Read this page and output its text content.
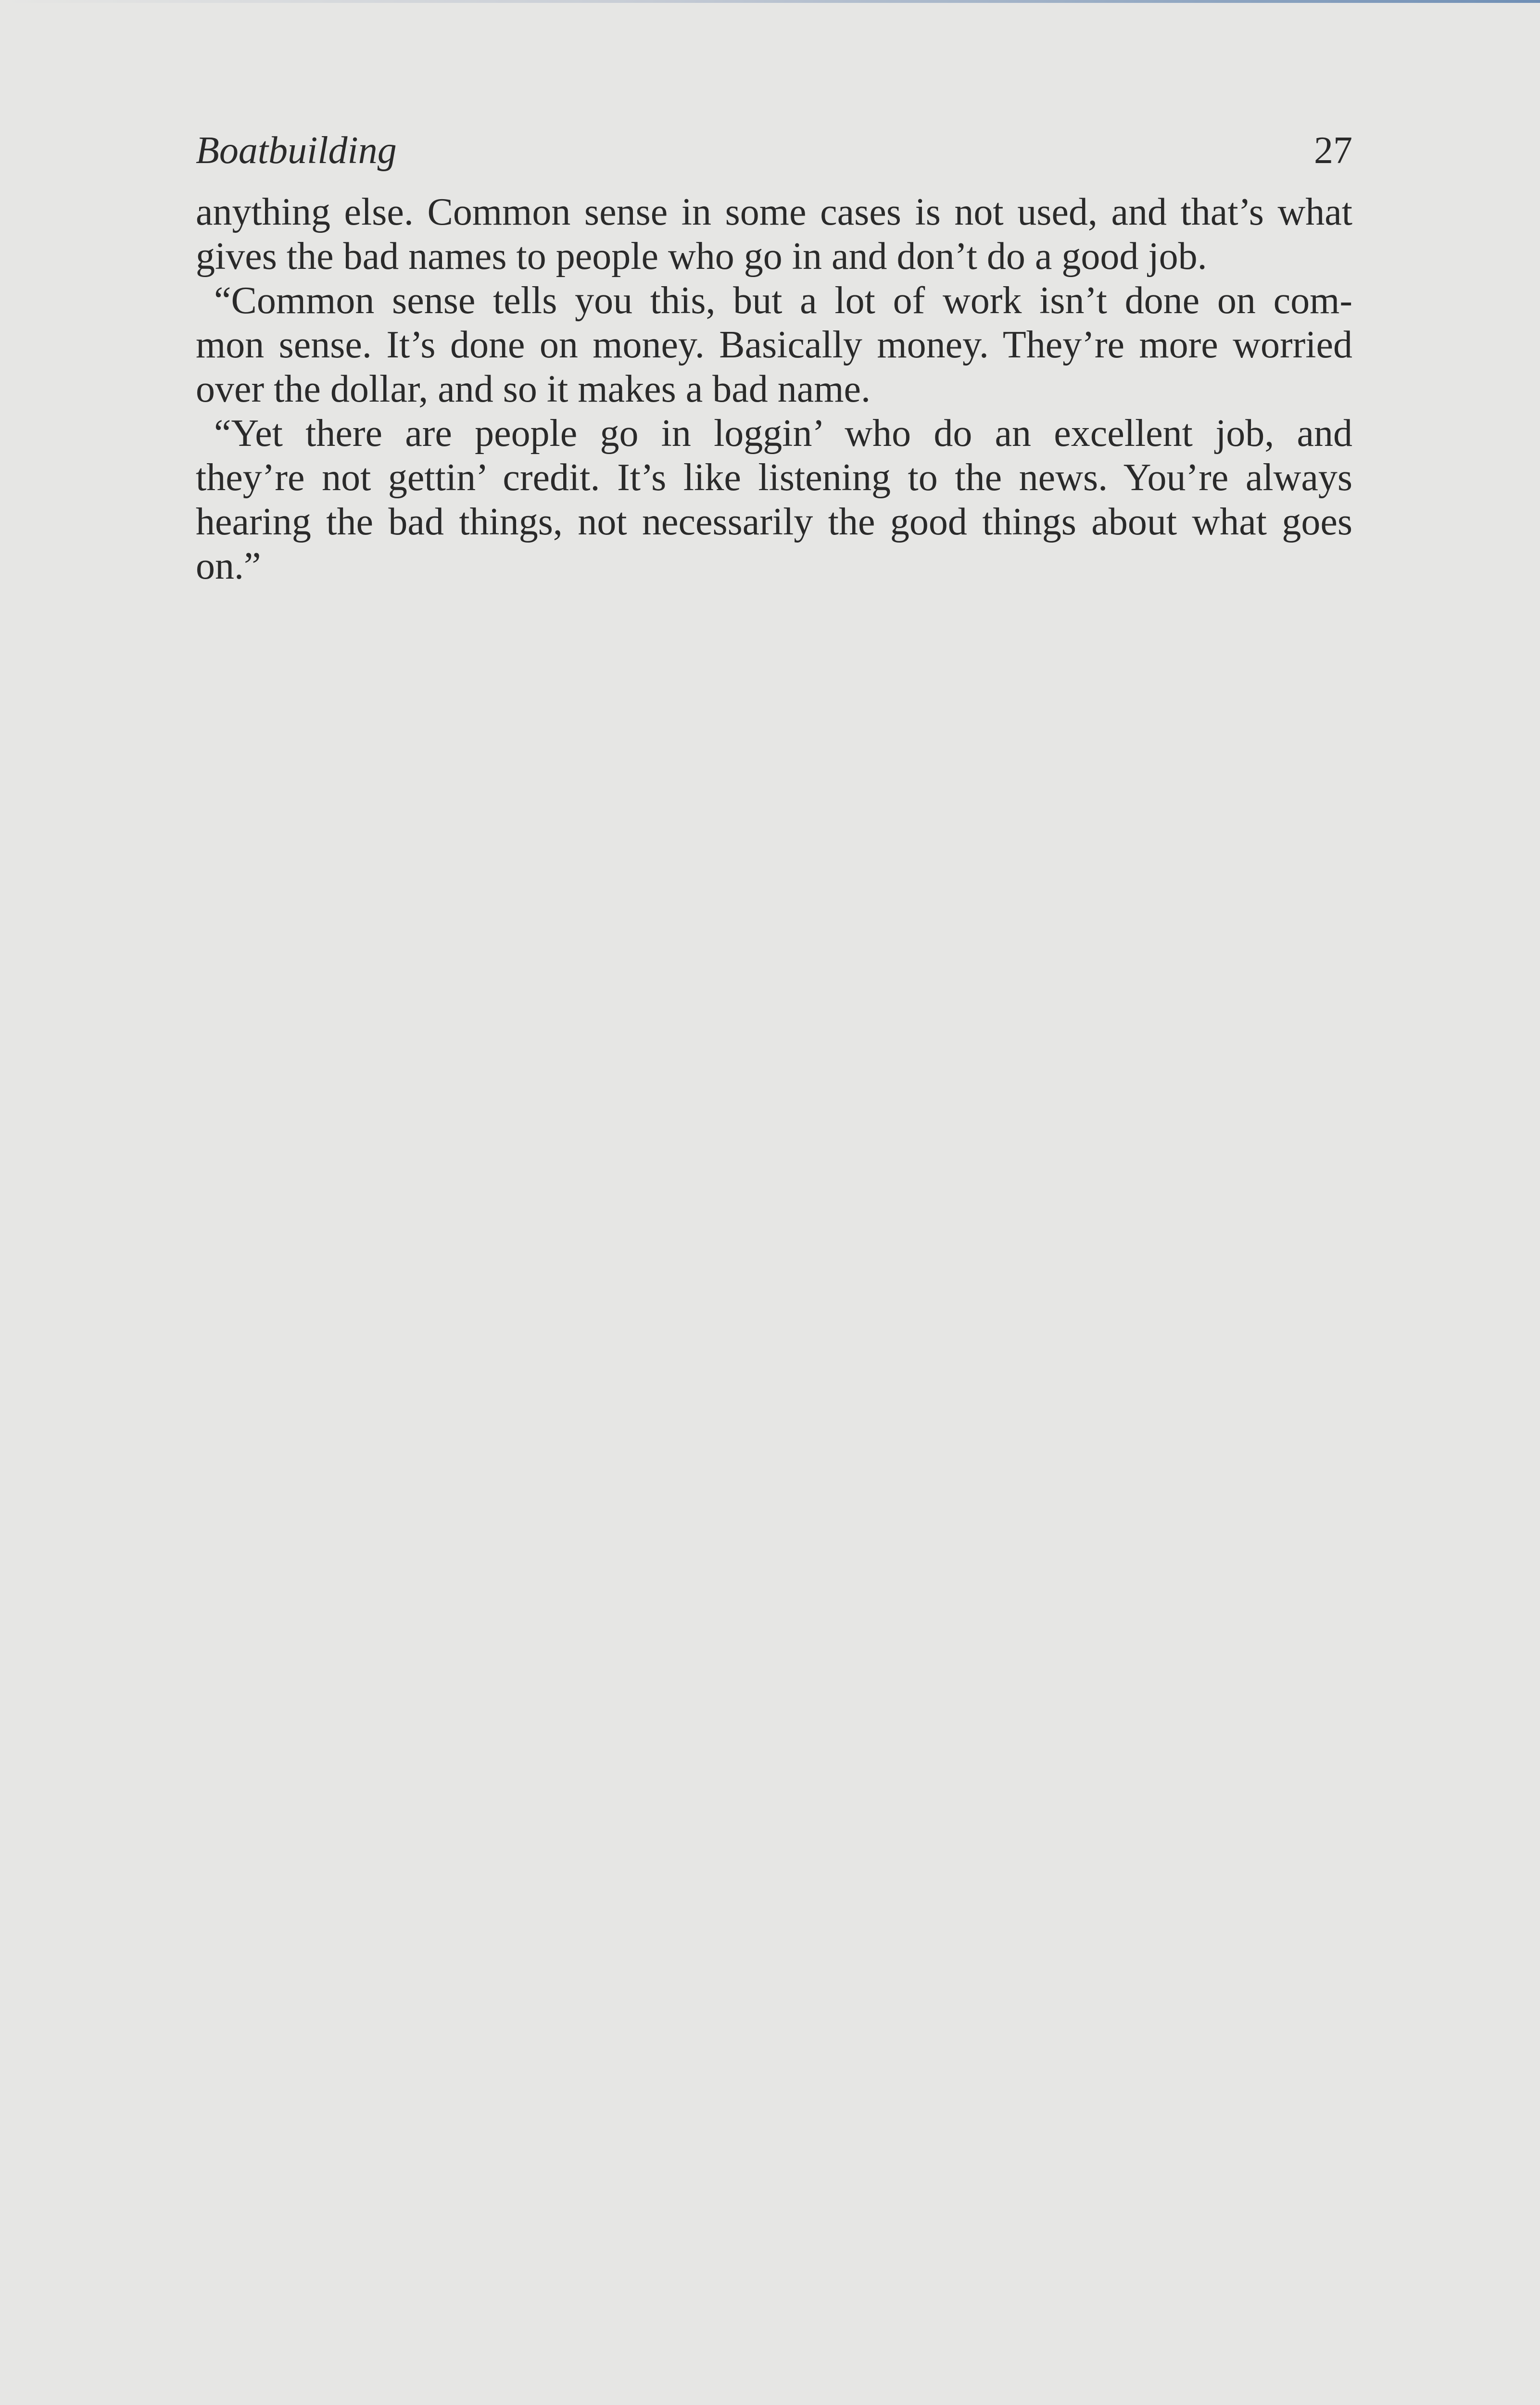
Boatbuilding	27
anything else. Common sense in some cases is not used, and that’s what
gives the bad names to people who go in and don’t do a good job.
“Common sense tells you this, but a lot of work isn’t done on com-
mon sense. It’s done on money. Basically money. They’re more worried
over the dollar, and so it makes a bad name.
“Yet there are people go in loggin’ who do an excellent job, and
they’re not gettin’ credit. It’s like listening to the news. You’re always
hearing the bad things, not necessarily the good things about what goes
on.”
